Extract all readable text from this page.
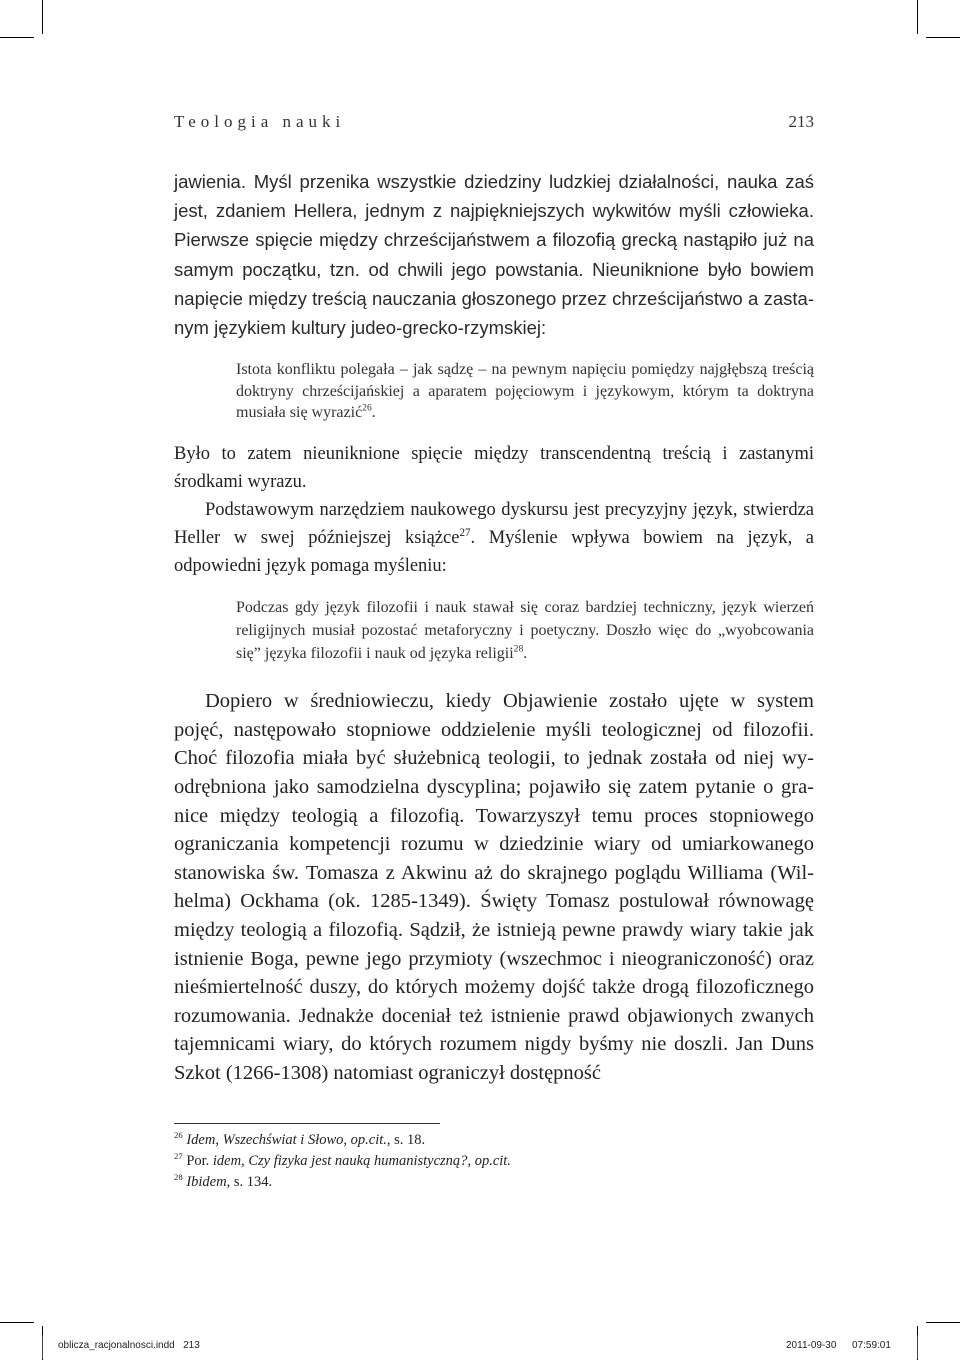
Teologia nauki	213

jawienia. Myśl przenika wszystkie dziedziny ludzkiej działalności, nauka zaś jest, zdaniem Hellera, jednym z najpiękniejszych wykwitów myśli człowieka. Pierwsze spięcie między chrześcijaństwem a filozofią grecką nastąpiło już na samym początku, tzn. od chwili jego powstania. Nieuniknione było bowiem napięcie między treścią nauczania głoszonego przez chrześcijaństwo a zastanym językiem kultury judeo-grecko-rzymskiej:

Istota konfliktu polegała – jak sądzę – na pewnym napięciu pomiędzy najgłębszą treścią doktryny chrześcijańskiej a aparatem pojęciowym i językowym, którym ta doktryna musiała się wyrazić$^{26}$.

Było to zatem nieuniknione spięcie między transcendentną treścią i zastanymi środkami wyrazu.

Podstawowym narzędziem naukowego dyskursu jest precyzyjny język, stwierdza Heller w swej późniejszej książce$^{27}$. Myślenie wpływa bowiem na język, a odpowiedni język pomaga myśleniu:

Podczas gdy język filozofii i nauk stawał się coraz bardziej techniczny, język wierzeń religijnych musiał pozostać metaforyczny i poetyczny. Doszło więc do „wyobcowania się” języka filozofii i nauk od języka religii$^{28}$.

Dopiero w średniowieczu, kiedy Objawienie zostało ujęte w system pojęć, następowało stopniowe oddzielenie myśli teologicznej od filozofii. Choć filozofia miała być służebnicą teologii, to jednak została od niej wyodrębniona jako samodzielna dyscyplina; pojawiło się zatem pytanie o granice między teologią a filozofią. Towarzyszył temu proces stopniowego ograniczania kompetencji rozumu w dziedzinie wiary od umiarkowanego stanowiska św. Tomasza z Akwinu aż do skrajnego poglądu Williama (Wilhelma) Ockhama (ok. 1285-1349). Święty Tomasz postulował równowagę między teologią a filozofią. Sądził, że istnieją pewne prawdy wiary takie jak istnienie Boga, pewne jego przymioty (wszechmoc i nieograniczoność) oraz nieśmiertelność duszy, do których możemy dojść także drogą filozoficznego rozumowania. Jednakże doceniał też istnienie prawd objawionych zwanych tajemnicami wiary, do których rozumem nigdy byśmy nie doszli. Jan Duns Szkot (1266-1308) natomiast ograniczył dostępność

$^{26}$ Idem, Wszechświat i Słowo, op.cit., s. 18.
$^{27}$ Por. idem, Czy fizyka jest nauką humanistyczną?, op.cit.
$^{28}$ Ibidem, s. 134.
oblicza_racjonalnosci.indd   213	2011-09-30 07:59:01
